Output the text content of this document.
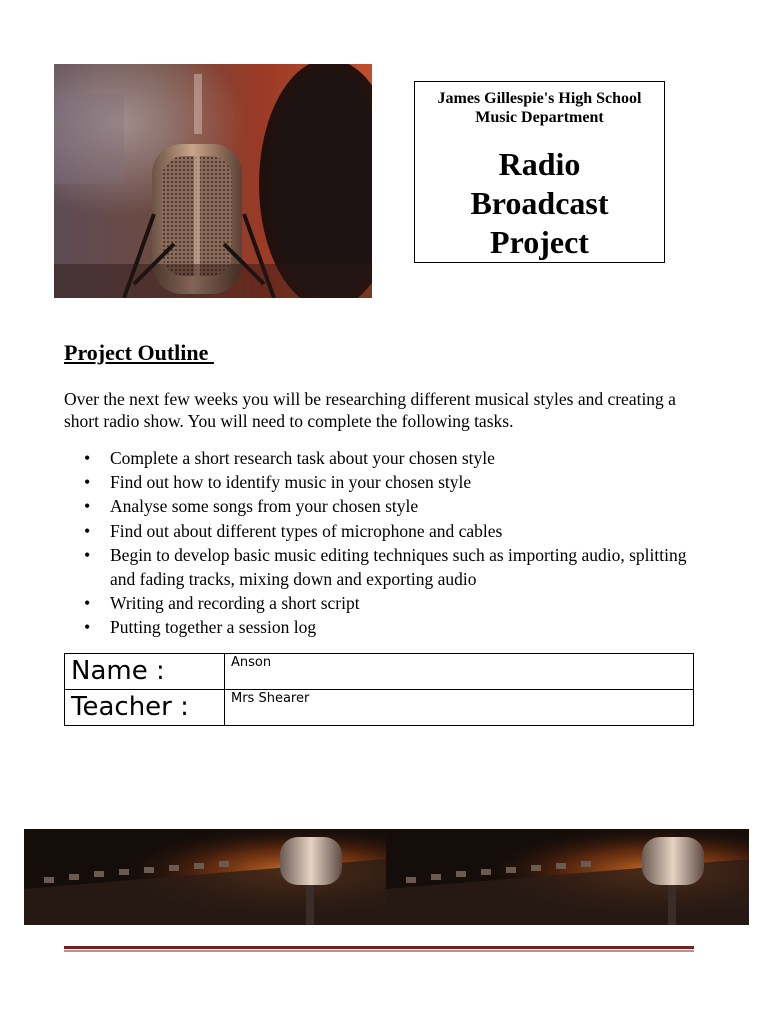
James Gillespie's High School
Music Department
Radio
Broadcast
Project
Project Outline

Over the next few weeks you will be researching different musical styles and creating a short radio show. You will need to complete the following tasks.

• Complete a short research task about your chosen style
• Find out how to identify music in your chosen style
• Analyse some songs from your chosen style
• Find out about different types of microphone and cables
• Begin to develop basic music editing techniques such as importing audio, splitting and fading tracks, mixing down and exporting audio
• Writing and recording a short script
• Putting together a session log
Name :	Anson
Teacher :	Mrs Shearer
